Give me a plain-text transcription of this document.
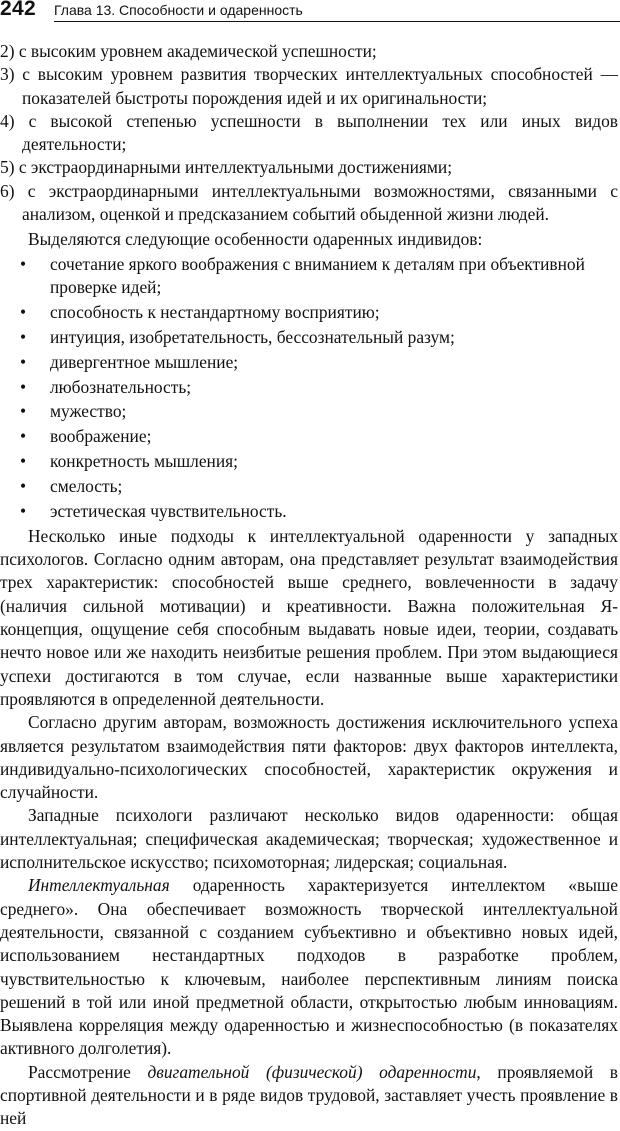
242 Глава 13. Способности и одаренность

2) с высоким уровнем академической успешности;

3) с высоким уровнем развития творческих интеллектуальных способностей — показателей быстроты порождения идей и их оригинальности;

4) с высокой степенью успешности в выполнении тех или иных видов деятельности;

5) с экстраординарными интеллектуальными достижениями;

6) с экстраординарными интеллектуальными возможностями, связанными с анализом, оценкой и предсказанием событий обыденной жизни людей.

Выделяются следующие особенности одаренных индивидов:

• сочетание яркого воображения с вниманием к деталям при объективной проверке идей;
• способность к нестандартному восприятию;
• интуиция, изобретательность, бессознательный разум;
• дивергентное мышление;
• любознательность;
• мужество;
• воображение;
• конкретность мышления;
• смелость;
• эстетическая чувствительность.

Несколько иные подходы к интеллектуальной одаренности у западных психологов. Согласно одним авторам, она представляет результат взаимодействия трех характеристик: способностей выше среднего, вовлеченности в задачу (наличия сильной мотивации) и креативности. Важна положительная Я-концепция, ощущение себя способным выдавать новые идеи, теории, создавать нечто новое или же находить неизбитые решения проблем. При этом выдающиеся успехи достигаются в том случае, если названные выше характеристики проявляются в определенной деятельности.

Согласно другим авторам, возможность достижения исключительного успеха является результатом взаимодействия пяти факторов: двух факторов интеллекта, индивидуально-психологических способностей, характеристик окружения и случайности.

Западные психологи различают несколько видов одаренности: общая интеллектуальная; специфическая академическая; творческая; художественное и исполнительское искусство; психомоторная; лидерская; социальная.

Интеллектуальная одаренность характеризуется интеллектом «выше среднего». Она обеспечивает возможность творческой интеллектуальной деятельности, связанной с созданием субъективно и объективно новых идей, использованием нестандартных подходов в разработке проблем, чувствительностью к ключевым, наиболее перспективным линиям поиска решений в той или иной предметной области, открытостью любым инновациям. Выявлена корреляция между одаренностью и жизнеспособностью (в показателях активного долголетия).

Рассмотрение двигательной (физической) одаренности, проявляемой в спортивной деятельности и в ряде видов трудовой, заставляет учесть проявление в ней
